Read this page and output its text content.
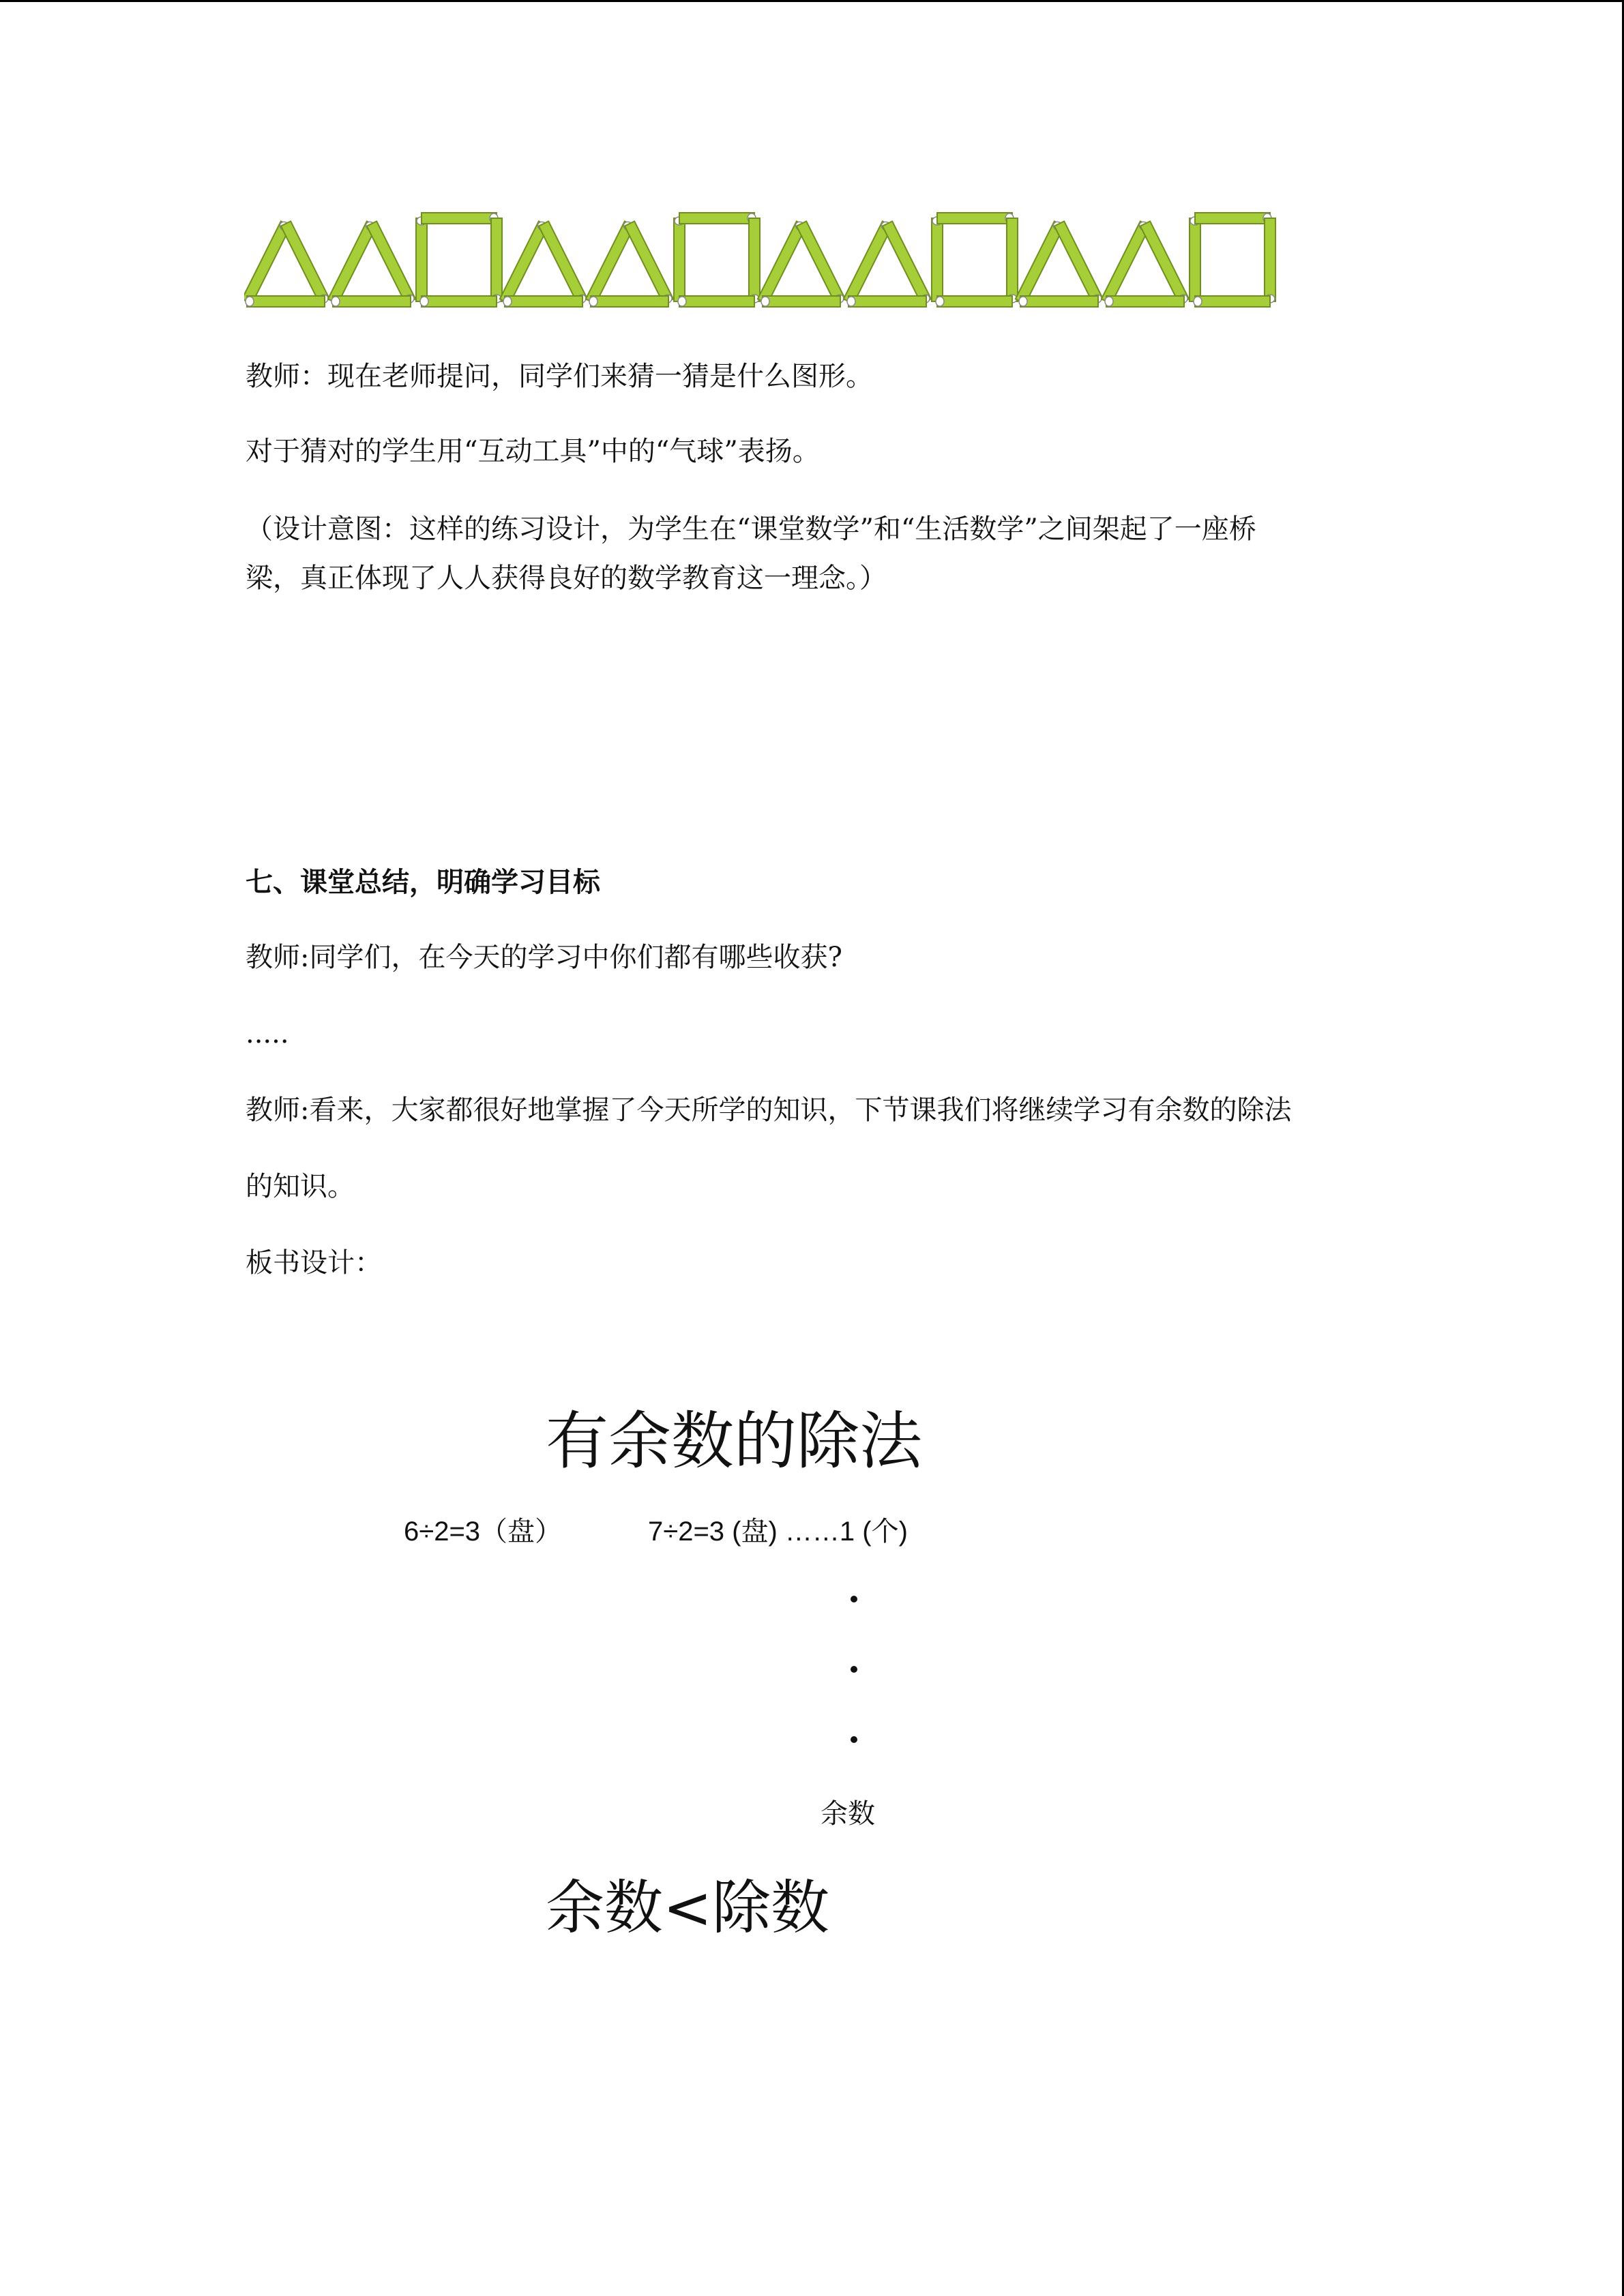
教师：现在老师提问，同学们来猜一猜是什么图形。
对于猜对的学生用“互动工具”中的“气球”表扬。
（设计意图：这样的练习设计，为学生在“课堂数学”和“生活数学”之间架起了一座桥
梁，真正体现了人人获得良好的数学教育这一理念。）
七、课堂总结，明确学习目标
教师:同学们，在今天的学习中你们都有哪些收获?
.....
教师:看来，大家都很好地掌握了今天所学的知识，下节课我们将继续学习有余数的除法
的知识。
板书设计：
有余数的除法
6÷2=3（盘）	7÷2=3 (盘) ……1 (个)
余数
余数<除数
